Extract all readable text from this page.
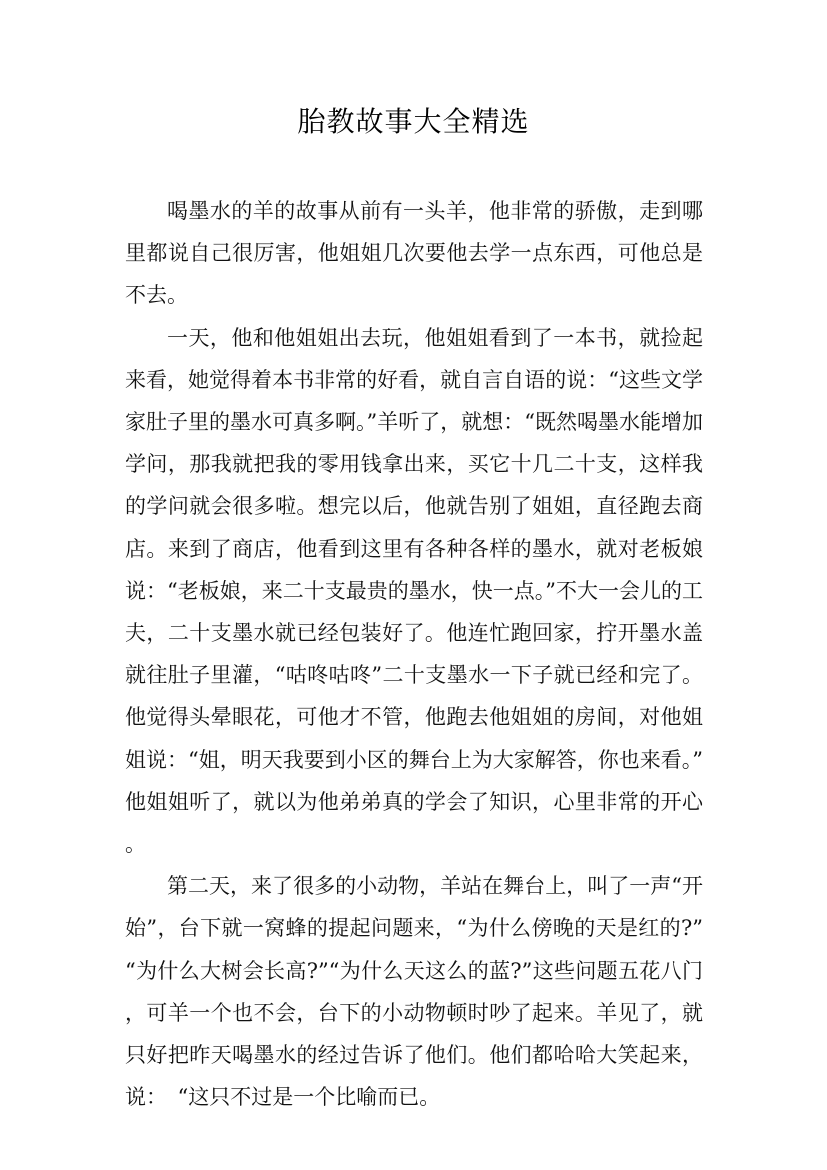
胎教故事大全精选

喝墨水的羊的故事从前有一头羊，他非常的骄傲，走到哪里都说自己很厉害，他姐姐几次要他去学一点东西，可他总是不去。

一天，他和他姐姐出去玩，他姐姐看到了一本书，就捡起来看，她觉得着本书非常的好看，就自言自语的说：“这些文学家肚子里的墨水可真多啊。”羊听了，就想：“既然喝墨水能增加学问，那我就把我的零用钱拿出来，买它十几二十支，这样我的学问就会很多啦。想完以后，他就告别了姐姐，直径跑去商店。来到了商店，他看到这里有各种各样的墨水，就对老板娘说：“老板娘，来二十支最贵的墨水，快一点。”不大一会儿的工夫，二十支墨水就已经包装好了。他连忙跑回家，拧开墨水盖就往肚子里灌，“咕咚咕咚”二十支墨水一下子就已经和完了。他觉得头晕眼花，可他才不管，他跑去他姐姐的房间，对他姐姐说：“姐，明天我要到小区的舞台上为大家解答，你也来看。”他姐姐听了，就以为他弟弟真的学会了知识，心里非常的开心。

第二天，来了很多的小动物，羊站在舞台上，叫了一声“开始”，台下就一窝蜂的提起问题来，“为什么傍晚的天是红的?”“为什么大树会长高?”“为什么天这么的蓝?”这些问题五花八门，可羊一个也不会，台下的小动物顿时吵了起来。羊见了，就只好把昨天喝墨水的经过告诉了他们。他们都哈哈大笑起来，说：　“这只不过是一个比喻而已。
